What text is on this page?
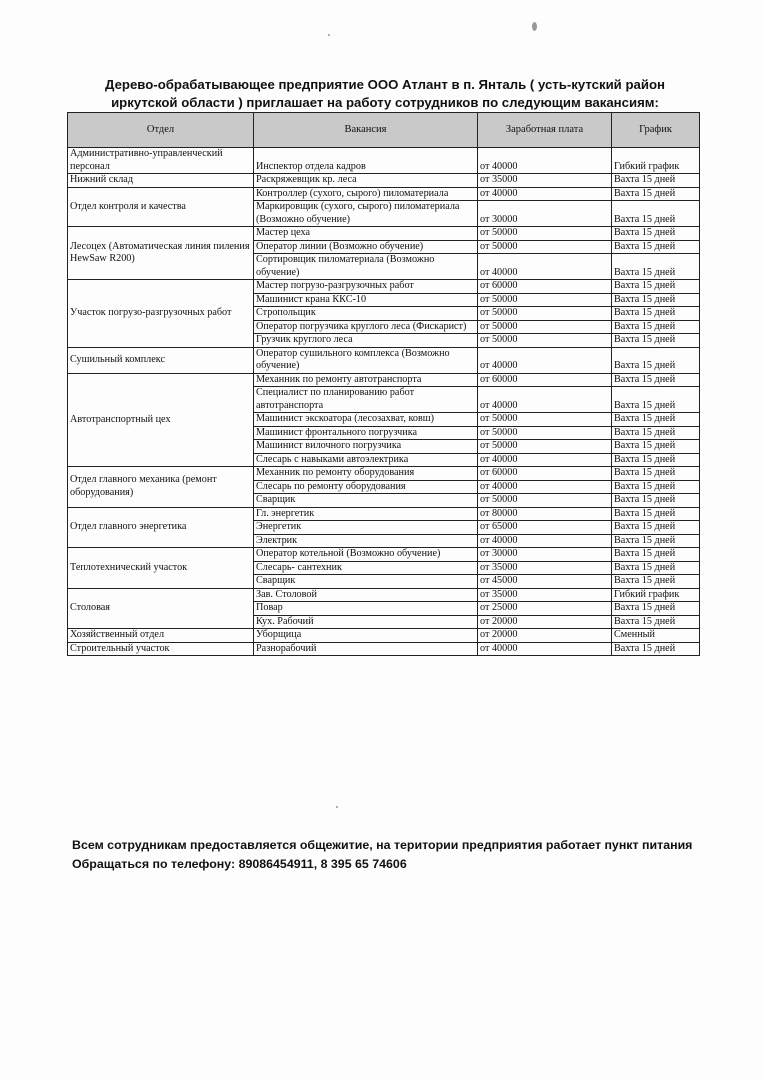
Дерево-обрабатывающее предприятие ООО Атлант в п. Янталь ( усть-кутский район иркутской области ) приглашает на работу сотрудников по следующим вакансиям:
Отдел	Вакансия	Заработная плата	График
Административно-управленческий персонал	Инспектор отдела кадров	от 40000	Гибкий график
Нижний склад	Раскряжевщик кр. леса	от 35000	Вахта 15 дней
Отдел контроля и качества	Контроллер (сухого, сырого) пиломатериала	от 40000	Вахта 15 дней
	Маркировщик (сухого, сырого) пиломатериала (Возможно обучение)	от 30000	Вахта 15 дней
Лесоцех (Автоматическая линия пиления HewSaw R200)	Мастер цеха	от 50000	Вахта 15 дней
	Оператор линии (Возможно обучение)	от 50000	Вахта 15 дней
	Сортировщик пиломатериала (Возможно обучение)	от 40000	Вахта 15 дней
Участок погрузо-разгрузочных работ	Мастер погрузо-разгрузочных работ	от 60000	Вахта 15 дней
	Машинист крана ККС-10	от 50000	Вахта 15 дней
	Стропольщик	от 50000	Вахта 15 дней
	Оператор погрузчика круглого леса (Фискарист)	от 50000	Вахта 15 дней
	Грузчик круглого леса	от 50000	Вахта 15 дней
Сушильный комплекс	Оператор сушильного комплекса (Возможно обучение)	от 40000	Вахта 15 дней
Автотранспортный цех	Механник по ремонту автотранспорта	от 60000	Вахта 15 дней
	Специалист по планированию работ автотранспорта	от 40000	Вахта 15 дней
	Машинист экскоатора (лесозахват, ковш)	от 50000	Вахта 15 дней
	Машинист фронтального погрузчика	от 50000	Вахта 15 дней
	Машинист вилочного погрузчика	от 50000	Вахта 15 дней
	Слесарь с навыками автоэлектрика	от 40000	Вахта 15 дней
Отдел главного механика (ремонт оборудования)	Механник по ремонту оборудования	от 60000	Вахта 15 дней
	Слесарь по ремонту оборудования	от 40000	Вахта 15 дней
	Сварщик	от 50000	Вахта 15 дней
Отдел главного энергетика	Гл. энергетик	от 80000	Вахта 15 дней
	Энергетик	от 65000	Вахта 15 дней
	Электрик	от 40000	Вахта 15 дней
Теплотехнический участок	Оператор котельной (Возможно обучение)	от 30000	Вахта 15 дней
	Слесарь- сантехник	от 35000	Вахта 15 дней
	Сварщик	от 45000	Вахта 15 дней
Столовая	Зав. Столовой	от 35000	Гибкий график
	Повар	от 25000	Вахта 15 дней
	Кух. Рабочий	от 20000	Вахта 15 дней
Хозяйственный отдел	Уборщица	от 20000	Сменный
Строительный участок	Разнорабочий	от 40000	Вахта 15 дней
Всем сотрудникам предоставляется общежитие, на територии предприятия работает пункт питания
Обращаться по телефону: 89086454911, 8 395 65 74606
